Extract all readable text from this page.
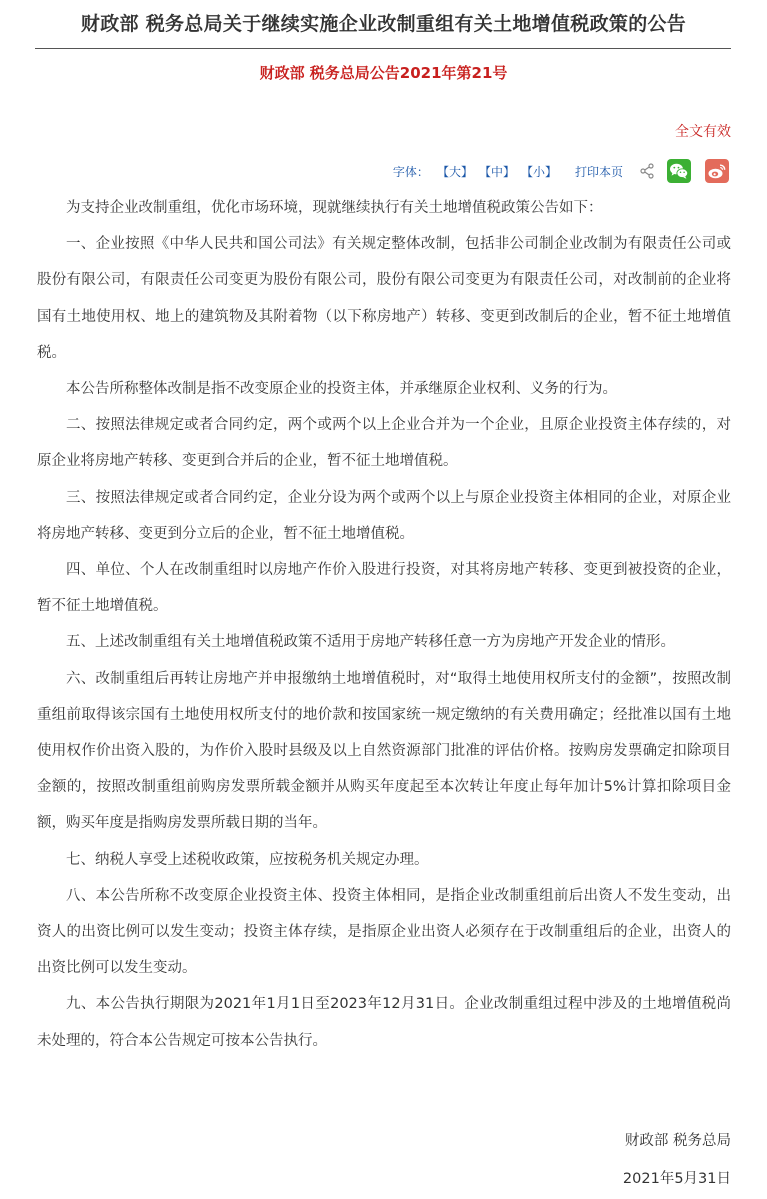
财政部 税务总局关于继续实施企业改制重组有关土地增值税政策的公告
财政部 税务总局公告2021年第21号
全文有效
字体： 【大】 【中】 【小】 打印本页

为支持企业改制重组，优化市场环境，现就继续执行有关土地增值税政策公告如下：

一、企业按照《中华人民共和国公司法》有关规定整体改制，包括非公司制企业改制为有限责任公司或股份有限公司，有限责任公司变更为股份有限公司，股份有限公司变更为有限责任公司，对改制前的企业将国有土地使用权、地上的建筑物及其附着物（以下称房地产）转移、变更到改制后的企业，暂不征土地增值税。

本公告所称整体改制是指不改变原企业的投资主体，并承继原企业权利、义务的行为。

二、按照法律规定或者合同约定，两个或两个以上企业合并为一个企业，且原企业投资主体存续的，对原企业将房地产转移、变更到合并后的企业，暂不征土地增值税。

三、按照法律规定或者合同约定，企业分设为两个或两个以上与原企业投资主体相同的企业，对原企业将房地产转移、变更到分立后的企业，暂不征土地增值税。

四、单位、个人在改制重组时以房地产作价入股进行投资，对其将房地产转移、变更到被投资的企业，暂不征土地增值税。

五、上述改制重组有关土地增值税政策不适用于房地产转移任意一方为房地产开发企业的情形。

六、改制重组后再转让房地产并申报缴纳土地增值税时，对“取得土地使用权所支付的金额”，按照改制重组前取得该宗国有土地使用权所支付的地价款和按国家统一规定缴纳的有关费用确定；经批准以国有土地使用权作价出资入股的，为作价入股时县级及以上自然资源部门批准的评估价格。按购房发票确定扣除项目金额的，按照改制重组前购房发票所载金额并从购买年度起至本次转让年度止每年加计5%计算扣除项目金额，购买年度是指购房发票所载日期的当年。

七、纳税人享受上述税收政策，应按税务机关规定办理。

八、本公告所称不改变原企业投资主体、投资主体相同，是指企业改制重组前后出资人不发生变动，出资人的出资比例可以发生变动；投资主体存续，是指原企业出资人必须存在于改制重组后的企业，出资人的出资比例可以发生变动。

九、本公告执行期限为2021年1月1日至2023年12月31日。企业改制重组过程中涉及的土地增值税尚未处理的，符合本公告规定可按本公告执行。

财政部 税务总局
2021年5月31日
